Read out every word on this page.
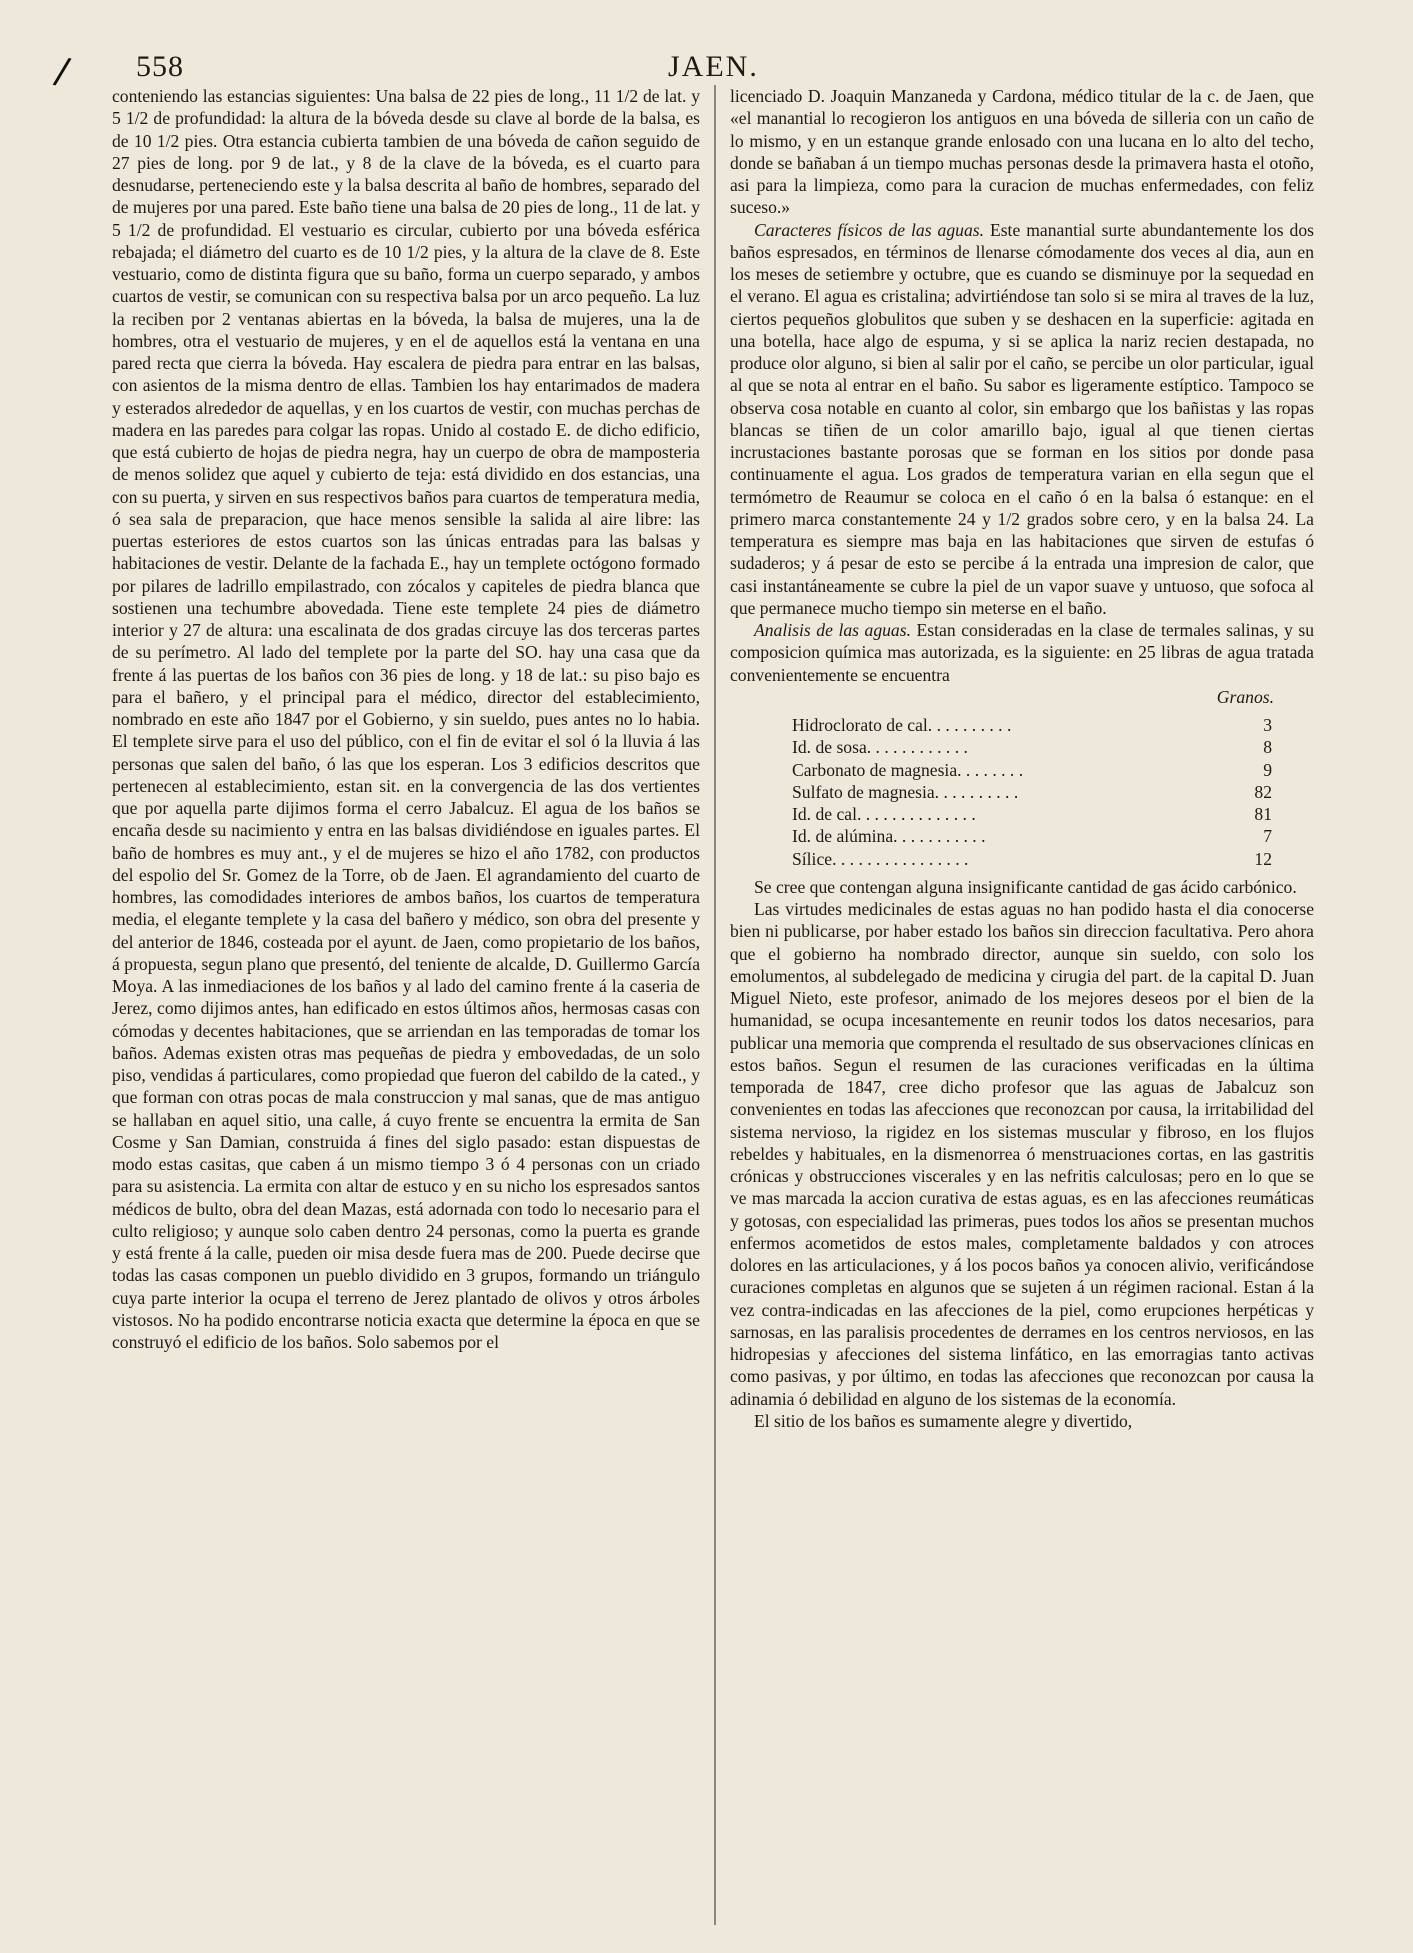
/ 558	JAEN.

conteniendo las estancias siguientes: Una balsa de 22 pies de long., 11 1/2 de lat. y 5 1/2 de profundidad: la altura de la bóveda desde su clave al borde de la balsa, es de 10 1/2 pies. Otra estancia cubierta tambien de una bóveda de cañon seguido de 27 pies de long. por 9 de lat., y 8 de la clave de la bóveda, es el cuarto para desnudarse, perteneciendo este y la balsa descrita al baño de hombres, separado del de mujeres por una pared. Este baño tiene una balsa de 20 pies de long., 11 de lat. y 5 1/2 de profundidad. El vestuario es circular, cubierto por una bóveda esférica rebajada; el diámetro del cuarto es de 10 1/2 pies, y la altura de la clave de 8. Este vestuario, como de distinta figura que su baño, forma un cuerpo separado, y ambos cuartos de vestir, se comunican con su respectiva balsa por un arco pequeño. La luz la reciben por 2 ventanas abiertas en la bóveda, la balsa de mujeres, una la de hombres, otra el vestuario de mujeres, y en el de aquellos está la ventana en una pared recta que cierra la bóveda. Hay escalera de piedra para entrar en las balsas, con asientos de la misma dentro de ellas. Tambien los hay entarimados de madera y esterados alrededor de aquellas, y en los cuartos de vestir, con muchas perchas de madera en las paredes para colgar las ropas. Unido al costado E. de dicho edificio, que está cubierto de hojas de piedra negra, hay un cuerpo de obra de mamposteria de menos solidez que aquel y cubierto de teja: está dividido en dos estancias, una con su puerta, y sirven en sus respectivos baños para cuartos de temperatura media, ó sea sala de preparacion, que hace menos sensible la salida al aire libre: las puertas esteriores de estos cuartos son las únicas entradas para las balsas y habitaciones de vestir. Delante de la fachada E., hay un templete octógono formado por pilares de ladrillo empilastrado, con zócalos y capiteles de piedra blanca que sostienen una techumbre abovedada. Tiene este templete 24 pies de diámetro interior y 27 de altura: una escalinata de dos gradas circuye las dos terceras partes de su perímetro. Al lado del templete por la parte del SO. hay una casa que da frente á las puertas de los baños con 36 pies de long. y 18 de lat.: su piso bajo es para el bañero, y el principal para el médico, director del establecimiento, nombrado en este año 1847 por el Gobierno, y sin sueldo, pues antes no lo habia. El templete sirve para el uso del público, con el fin de evitar el sol ó la lluvia á las personas que salen del baño, ó las que los esperan. Los 3 edificios descritos que pertenecen al establecimiento, estan sit. en la convergencia de las dos vertientes que por aquella parte dijimos forma el cerro Jabalcuz. El agua de los baños se encaña desde su nacimiento y entra en las balsas dividiéndose en iguales partes. El baño de hombres es muy ant., y el de mujeres se hizo el año 1782, con productos del espolio del Sr. Gomez de la Torre, ob de Jaen. El agrandamiento del cuarto de hombres, las comodidades interiores de ambos baños, los cuartos de temperatura media, el elegante templete y la casa del bañero y médico, son obra del presente y del anterior de 1846, costeada por el ayunt. de Jaen, como propietario de los baños, á propuesta, segun plano que presentó, del teniente de alcalde, D. Guillermo García Moya. A las inmediaciones de los baños y al lado del camino frente á la caseria de Jerez, como dijimos antes, han edificado en estos últimos años, hermosas casas con cómodas y decentes habitaciones, que se arriendan en las temporadas de tomar los baños. Ademas existen otras mas pequeñas de piedra y embovedadas, de un solo piso, vendidas á particulares, como propiedad que fueron del cabildo de la cated., y que forman con otras pocas de mala construccion y mal sanas, que de mas antiguo se hallaban en aquel sitio, una calle, á cuyo frente se encuentra la ermita de San Cosme y San Damian, construida á fines del siglo pasado: estan dispuestas de modo estas casitas, que caben á un mismo tiempo 3 ó 4 personas con un criado para su asistencia. La ermita con altar de estuco y en su nicho los espresados santos médicos de bulto, obra del dean Mazas, está adornada con todo lo necesario para el culto religioso; y aunque solo caben dentro 24 personas, como la puerta es grande y está frente á la calle, pueden oir misa desde fuera mas de 200. Puede decirse que todas las casas componen un pueblo dividido en 3 grupos, formando un triángulo cuya parte interior la ocupa el terreno de Jerez plantado de olivos y otros árboles vistosos. No ha podido encontrarse noticia exacta que determine la época en que se construyó el edificio de los baños. Solo sabemos por el

licenciado D. Joaquin Manzaneda y Cardona, médico titular de la c. de Jaen, que «el manantial lo recogieron los antiguos en una bóveda de silleria con un caño de lo mismo, y en un estanque grande enlosado con una lucana en lo alto del techo, donde se bañaban á un tiempo muchas personas desde la primavera hasta el otoño, asi para la limpieza, como para la curacion de muchas enfermedades, con feliz suceso.»

Caracteres físicos de las aguas. Este manantial surte abundantemente los dos baños espresados, en términos de llenarse cómodamente dos veces al dia, aun en los meses de setiembre y octubre, que es cuando se disminuye por la sequedad en el verano. El agua es cristalina; advirtiéndose tan solo si se mira al traves de la luz, ciertos pequeños globulitos que suben y se deshacen en la superficie: agitada en una botella, hace algo de espuma, y si se aplica la nariz recien destapada, no produce olor alguno, si bien al salir por el caño, se percibe un olor particular, igual al que se nota al entrar en el baño. Su sabor es ligeramente estíptico. Tampoco se observa cosa notable en cuanto al color, sin embargo que los bañistas y las ropas blancas se tiñen de un color amarillo bajo, igual al que tienen ciertas incrustaciones bastante porosas que se forman en los sitios por donde pasa continuamente el agua. Los grados de temperatura varian en ella segun que el termómetro de Reaumur se coloca en el caño ó en la balsa ó estanque: en el primero marca constantemente 24 y 1/2 grados sobre cero, y en la balsa 24. La temperatura es siempre mas baja en las habitaciones que sirven de estufas ó sudaderos; y á pesar de esto se percibe á la entrada una impresion de calor, que casi instantáneamente se cubre la piel de un vapor suave y untuoso, que sofoca al que permanece mucho tiempo sin meterse en el baño.

Analisis de las aguas. Estan consideradas en la clase de termales salinas, y su composicion química mas autorizada, es la siguiente: en 25 libras de agua tratada convenientemente se encuentra

Granos.
Hidroclorato de cal. . . . . . . . . .	3
Id. de sosa. . . . . . . . . . . .	8
Carbonato de magnesia. . . . . . . .	9
Sulfato de magnesia. . . . . . . . . .	82
Id. de cal. . . . . . . . . . . . . .	81
Id. de alúmina. . . . . . . . . . .	7
Sílice. . . . . . . . . . . . . . . .	12

Se cree que contengan alguna insignificante cantidad de gas ácido carbónico.

Las virtudes medicinales de estas aguas no han podido hasta el dia conocerse bien ni publicarse, por haber estado los baños sin direccion facultativa. Pero ahora que el gobierno ha nombrado director, aunque sin sueldo, con solo los emolumentos, al subdelegado de medicina y cirugia del part. de la capital D. Juan Miguel Nieto, este profesor, animado de los mejores deseos por el bien de la humanidad, se ocupa incesantemente en reunir todos los datos necesarios, para publicar una memoria que comprenda el resultado de sus observaciones clínicas en estos baños. Segun el resumen de las curaciones verificadas en la última temporada de 1847, cree dicho profesor que las aguas de Jabalcuz son convenientes en todas las afecciones que reconozcan por causa, la irritabilidad del sistema nervioso, la rigidez en los sistemas muscular y fibroso, en los flujos rebeldes y habituales, en la dismenorrea ó menstruaciones cortas, en las gastritis crónicas y obstrucciones viscerales y en las nefritis calculosas; pero en lo que se ve mas marcada la accion curativa de estas aguas, es en las afecciones reumáticas y gotosas, con especialidad las primeras, pues todos los años se presentan muchos enfermos acometidos de estos males, completamente baldados y con atroces dolores en las articulaciones, y á los pocos baños ya conocen alivio, verificándose curaciones completas en algunos que se sujeten á un régimen racional. Estan á la vez contra-indicadas en las afecciones de la piel, como erupciones herpéticas y sarnosas, en las paralisis procedentes de derrames en los centros nerviosos, en las hidropesias y afecciones del sistema linfático, en las emorragias tanto activas como pasivas, y por último, en todas las afecciones que reconozcan por causa la adinamia ó debilidad en alguno de los sistemas de la economía.

El sitio de los baños es sumamente alegre y divertido,
